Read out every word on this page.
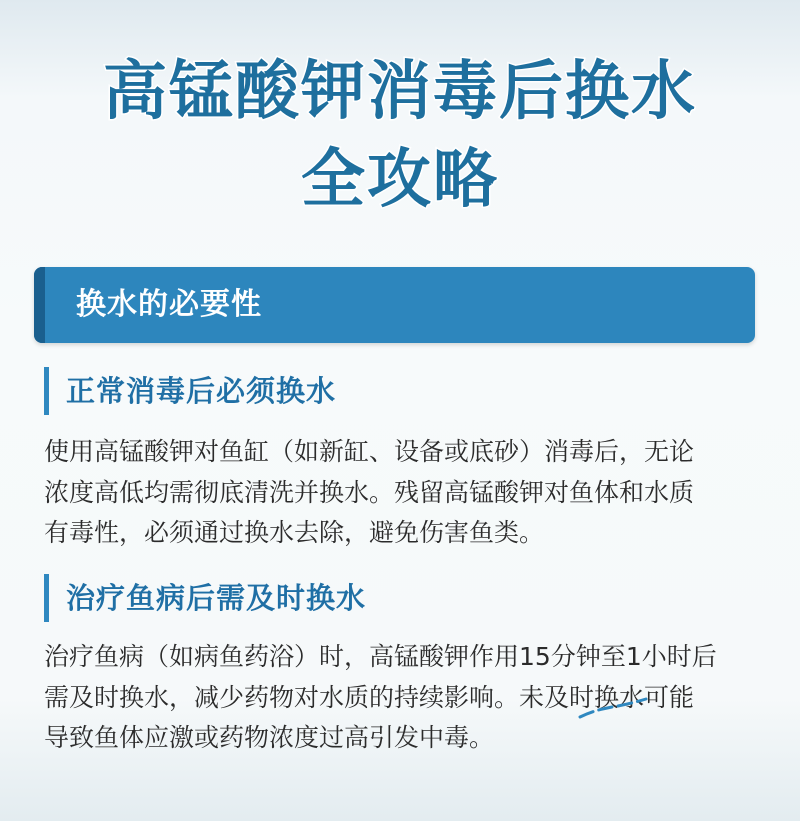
高锰酸钾消毒后换水
全攻略
换水的必要性
正常消毒后必须换水

使用高锰酸钾对鱼缸（如新缸、设备或底砂）消毒后，无论
浓度高低均需彻底清洗并换水。残留高锰酸钾对鱼体和水质
有毒性，必须通过换水去除，避免伤害鱼类。

治疗鱼病后需及时换水

治疗鱼病（如病鱼药浴）时，高锰酸钾作用15分钟至1小时后
需及时换水，减少药物对水质的持续影响。未及时换水可能
导致鱼体应激或药物浓度过高引发中毒。
